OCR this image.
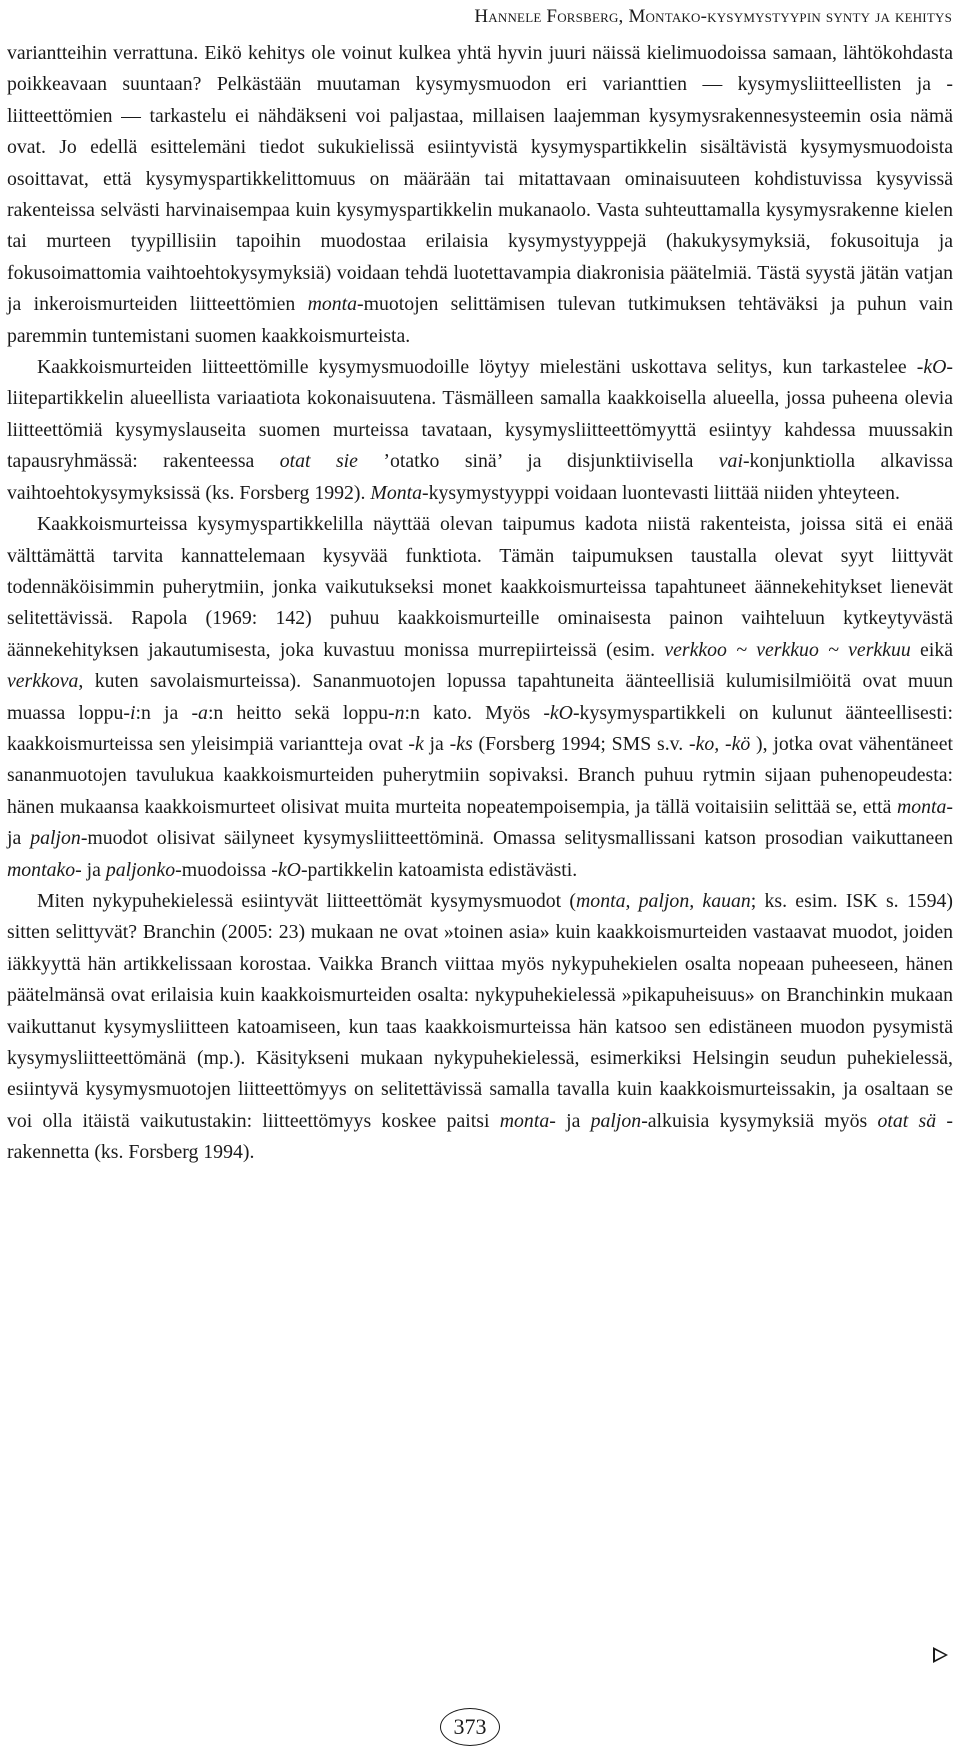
Hannele Forsberg, Montako-kysymystyypin synty ja kehitys

variantteihin verrattuna. Eikö kehitys ole voinut kulkea yhtä hyvin juuri näissä kielimuodoissa samaan, lähtökohdasta poikkeavaan suuntaan? Pelkästään muutaman kysymysmuodon eri varianttien — kysymysliitteellisten ja -liitteettömien — tarkastelu ei nähdäkseni voi paljastaa, millaisen laajemman kysymysrakennesysteemin osia nämä ovat. Jo edellä esittelemäni tiedot sukukielissä esiintyvistä kysymyspartikkelin sisältävistä kysymysmuodoista osoittavat, että kysymyspartikkelittomuus on määrään tai mitattavaan ominaisuuteen kohdistuvissa kysyvissä rakenteissa selvästi harvinaisempaa kuin kysymyspartikkelin mukanaolo. Vasta suhteuttamalla kysymysrakenne kielen tai murteen tyypillisiin tapoihin muodostaa erilaisia kysymystyyppejä (hakukysymyksiä, fokusoituja ja fokusoimattomia vaihtoehtokysymyksiä) voidaan tehdä luotettavampia diakronisia päätelmiä. Tästä syystä jätän vatjan ja inkeroismurteiden liitteettömien monta-muotojen selittämisen tulevan tutkimuksen tehtäväksi ja puhun vain paremmin tuntemistani suomen kaakkoismurteista.

Kaakkoismurteiden liitteettömille kysymysmuodoille löytyy mielestäni uskottava selitys, kun tarkastelee -kO-liitepartikkelin alueellista variaatiota kokonaisuutena. Täsmälleen samalla kaakkoisella alueella, jossa puheena olevia liitteettömiä kysymyslauseita suomen murteissa tavataan, kysymysliitteettömyyttä esiintyy kahdessa muussakin tapausryhmässä: rakenteessa otat sie ’otatko sinä’ ja disjunktiivisella vai-konjunktiolla alkavissa vaihtoehtokysymyksissä (ks. Forsberg 1992). Monta-kysymystyyppi voidaan luontevasti liittää niiden yhteyteen.

Kaakkoismurteissa kysymyspartikkelilla näyttää olevan taipumus kadota niistä rakenteista, joissa sitä ei enää välttämättä tarvita kannattelemaan kysyvää funktiota. Tämän taipumuksen taustalla olevat syyt liittyvät todennäköisimmin puherytmiin, jonka vaikutukseksi monet kaakkoismurteissa tapahtuneet äännekehitykset lienevät selitettävissä. Rapola (1969: 142) puhuu kaakkoismurteille ominaisesta painon vaihteluun kytkeytyvästä äännekehityksen jakautumisesta, joka kuvastuu monissa murrepiirteissä (esim. verkkoo ~ verkkuo ~ verkkuu eikä verkkova, kuten savolaismurteissa). Sananmuotojen lopussa tapahtuneita äänteellisiä kulumisilmiöitä ovat muun muassa loppu-i:n ja -a:n heitto sekä loppu-n:n kato. Myös -kO-kysymyspartikkeli on kulunut äänteellisesti: kaakkoismurteissa sen yleisimpiä variantteja ovat -k ja -ks (Forsberg 1994; SMS s.v. -ko, -kö ), jotka ovat vähentäneet sananmuotojen tavulukua kaakkoismurteiden puherytmiin sopivaksi. Branch puhuu rytmin sijaan puhenopeudesta: hänen mukaansa kaakkoismurteet olisivat muita murteita nopeatempoisempia, ja tällä voitaisiin selittää se, että monta- ja paljon-muodot olisivat säilyneet kysymysliitteettöminä. Omassa selitysmallissani katson prosodian vaikuttaneen montako- ja paljonko-muodoissa -kO-partikkelin katoamista edistävästi.

Miten nykypuhekielessä esiintyvät liitteettömät kysymysmuodot (monta, paljon, kauan; ks. esim. ISK s. 1594) sitten selittyvät? Branchin (2005: 23) mukaan ne ovat »toinen asia» kuin kaakkoismurteiden vastaavat muodot, joiden iäkkyyttä hän artikkelissaan korostaa. Vaikka Branch viittaa myös nykypuhekielen osalta nopeaan puheeseen, hänen päätelmänsä ovat erilaisia kuin kaakkoismurteiden osalta: nykypuhekielessä »pikapuheisuus» on Branchinkin mukaan vaikuttanut kysymysliitteen katoamiseen, kun taas kaakkoismurteissa hän katsoo sen edistäneen muodon pysymistä kysymysliitteettömänä (mp.). Käsitykseni mukaan nykypuhekielessä, esimerkiksi Helsingin seudun puhekielessä, esiintyvä kysymysmuotojen liitteettömyys on selitettävissä samalla tavalla kuin kaakkoismurteissakin, ja osaltaan se voi olla itäistä vaikutustakin: liitteettömyys koskee paitsi monta- ja paljon-alkuisia kysymyksiä myös otat sä -rakennetta (ks. Forsberg 1994).

373
